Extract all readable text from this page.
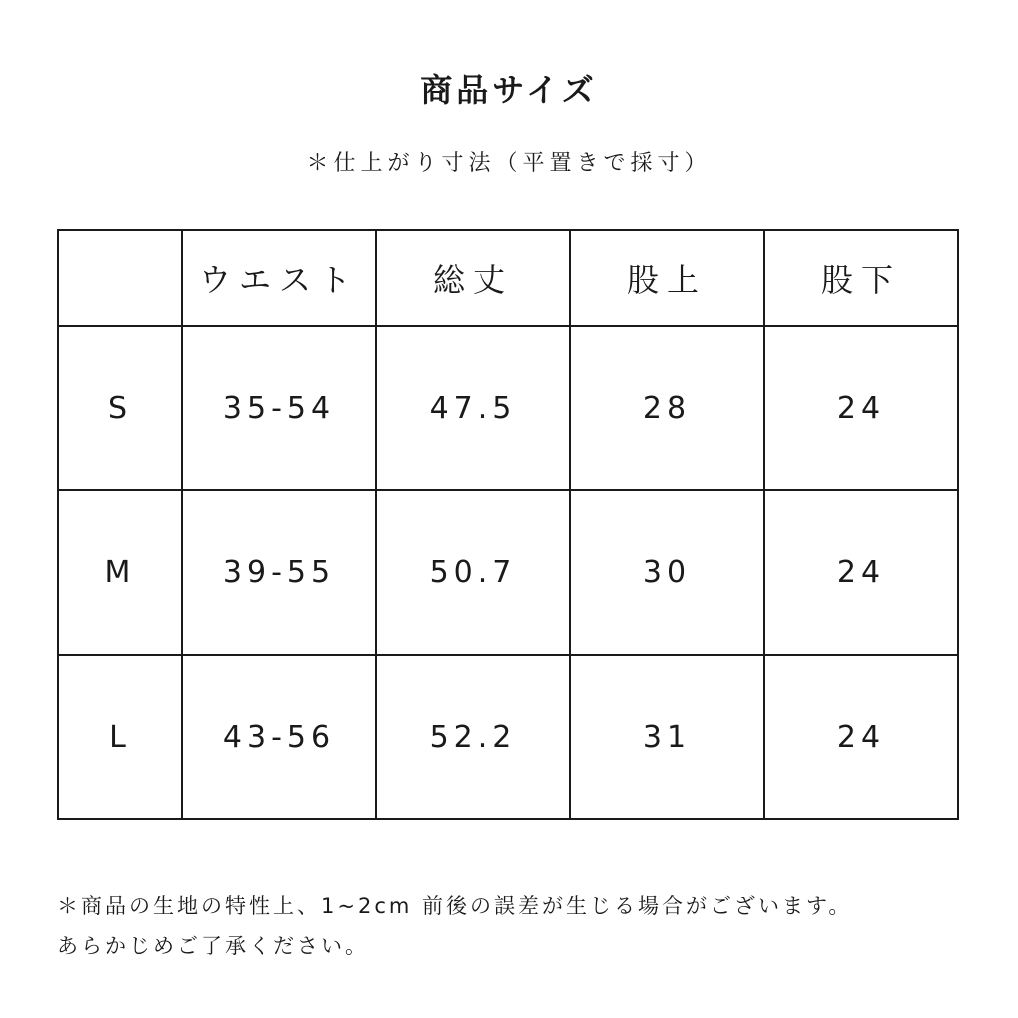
商品サイズ
＊仕上がり寸法（平置きで採寸）
	ウエスト	総丈	股上	股下
S	35-54	47.5	28	24
M	39-55	50.7	30	24
L	43-56	52.2	31	24
＊商品の生地の特性上、1~2cm 前後の誤差が生じる場合がございます。
あらかじめご了承ください。
